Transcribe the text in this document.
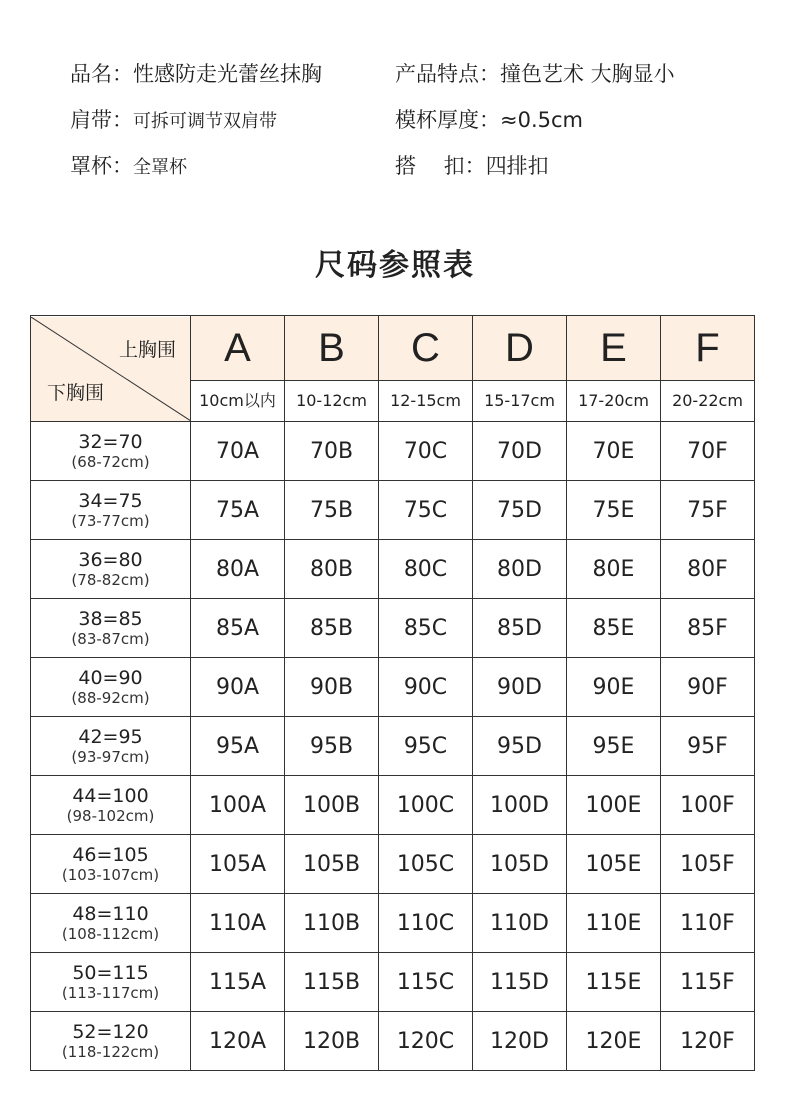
品名：性感防走光蕾丝抹胸	产品特点：撞色艺术 大胸显小
肩带：可拆可调节双肩带	模杯厚度：≈0.5cm
罩杯：全罩杯	搭　 扣：四排扣
尺码参照表
上胸围
下胸围	A	B	C	D	E	F
	10cm以内	10-12cm	12-15cm	15-17cm	17-20cm	20-22cm

32=70
(68-72cm)	70A	70B	70C	70D	70E	70F

34=75
(73-77cm)	75A	75B	75C	75D	75E	75F

36=80
(78-82cm)	80A	80B	80C	80D	80E	80F

38=85
(83-87cm)	85A	85B	85C	85D	85E	85F

40=90
(88-92cm)	90A	90B	90C	90D	90E	90F

42=95
(93-97cm)	95A	95B	95C	95D	95E	95F

44=100
(98-102cm)	100A	100B	100C	100D	100E	100F

46=105
(103-107cm)	105A	105B	105C	105D	105E	105F

48=110
(108-112cm)	110A	110B	110C	110D	110E	110F

50=115
(113-117cm)	115A	115B	115C	115D	115E	115F

52=120
(118-122cm)	120A	120B	120C	120D	120E	120F
